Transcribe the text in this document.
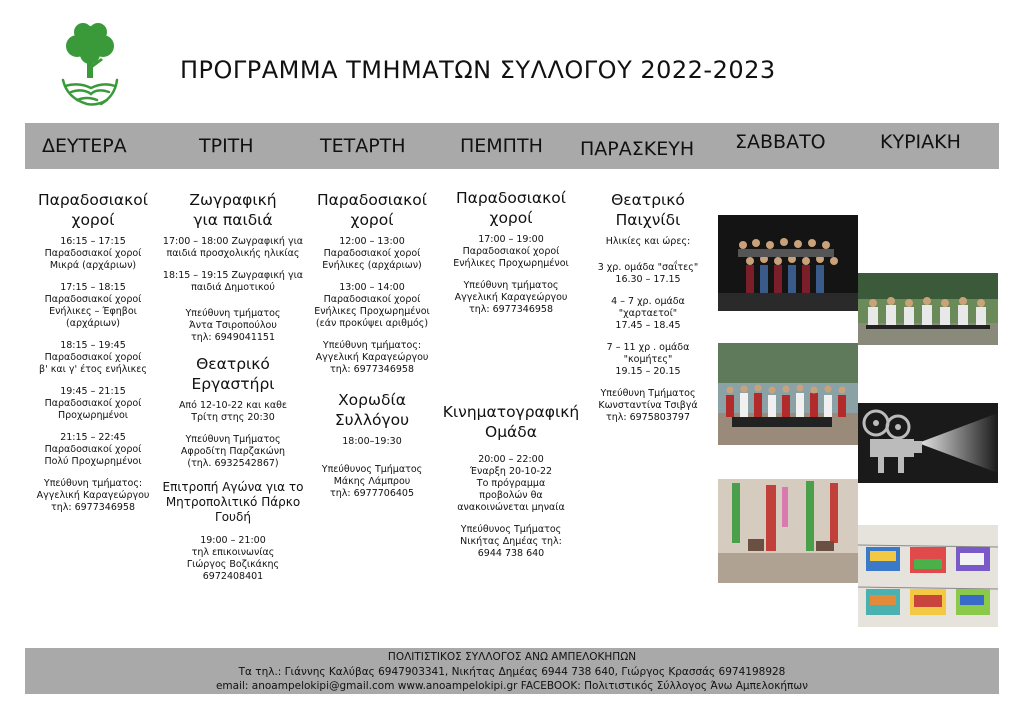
ΠΡΟΓΡΑΜΜΑ ΤΜΗΜΑΤΩΝ ΣΥΛΛΟΓΟΥ 2022-2023
ΔΕΥΤΕΡΑ	ΤΡΙΤΗ	ΤΕΤΑΡΤΗ	ΠΕΜΠΤΗ ΠΑΡΑΣΚΕΥΗ ΣΑΒΒΑΤΟ	ΚΥΡΙΑΚΗ
Παραδοσιακοί χοροί
16:15 – 17:15
Παραδοσιακοί χοροί
Μικρά (αρχάριων)
17:15 – 18:15
Παραδοσιακοί χοροί
Ενήλικες – Έφηβοι
(αρχάριων)
18:15 – 19:45
Παραδοσιακοί χοροί
β' και γ' έτος ενήλικες
19:45 – 21:15
Παραδοσιακοί χοροί
Προχωρημένοι
21:15 – 22:45
Παραδοσιακοί χοροί
Πολύ Προχωρημένοι
Υπεύθυνη τμήματος:
Αγγελική Καραγεώργου
τηλ: 6977346958
Ζωγραφική για παιδιά
17:00 – 18:00 Ζωγραφική για παιδιά προσχολικής ηλικίας
18:15 – 19:15 Ζωγραφική για παιδιά Δημοτικού
Υπεύθυνη τμήματος
Άντα Τσιροπούλου
τηλ: 6949041151
Θεατρικό Εργαστήρι
Από 12-10-22 και καθε
Τρίτη στης 20:30
Υπεύθυνη Τμήματος
Αφροδίτη Παρζακώνη
(τηλ. 6932542867)
Επιτροπή Αγώνα για το Μητροπολιτικό Πάρκο Γουδή
19:00 – 21:00
τηλ επικοινωνίας
Γιώργος Βοζικάκης
6972408401
Παραδοσιακοί χοροί
12:00 – 13:00
Παραδοσιακοί χοροί
Ενήλικες (αρχάριων)
13:00 – 14:00
Παραδοσιακοί χοροί
Ενήλικες Προχωρημένοι
(εάν προκύψει αριθμός)
Υπεύθυνη τμήματος:
Αγγελική Καραγεώργου
τηλ: 6977346958
Χορωδία Συλλόγου
18:00–19:30
Υπεύθυνος Τμήματος
Μάκης Λάμπρου
τηλ: 6977706405
Παραδοσιακοί χοροί
17:00 – 19:00
Παραδοσιακοί χοροί
Ενήλικες Προχωρημένοι
Υπεύθυνη τμήματος
Αγγελική Καραγεώργου
τηλ: 6977346958
Κινηματογραφική Ομάδα
20:00 – 22:00
Έναρξη 20-10-22
Το πρόγραμμα
προβολών θα
ανακοινώνεται μηναία
Υπεύθυνος Τμήματος
Νικήτας Δημέας τηλ:
6944 738 640
Θεατρικό Παιχνίδι
Ηλικίες και ώρες:
3 χρ. ομάδα "σαΐτες"
16.30 – 17.15
4 – 7 χρ. ομάδα "χαρταετοί"
17.45 – 18.45
7 – 11 χρ . ομάδα "κομήτες"
19.15 – 20.15
Υπεύθυνη Τμήματος
Κωνσταντίνα Τσιβγά
τηλ: 6975803797
ΠΟΛΙΤΙΣΤΙΚΟΣ ΣΥΛΛΟΓΟΣ ΑΝΩ ΑΜΠΕΛΟΚΗΠΩΝ
Τα τηλ.: Γιάννης Καλύβας 6947903341, Νικήτας Δημέας 6944 738 640, Γιώργος Κρασσάς 6974198928
email: anoampelokipi@gmail.com www.anoampelokipi.gr FACEBOOK: Πολιτιστικός Σύλλογος Άνω Αμπελοκήπων
